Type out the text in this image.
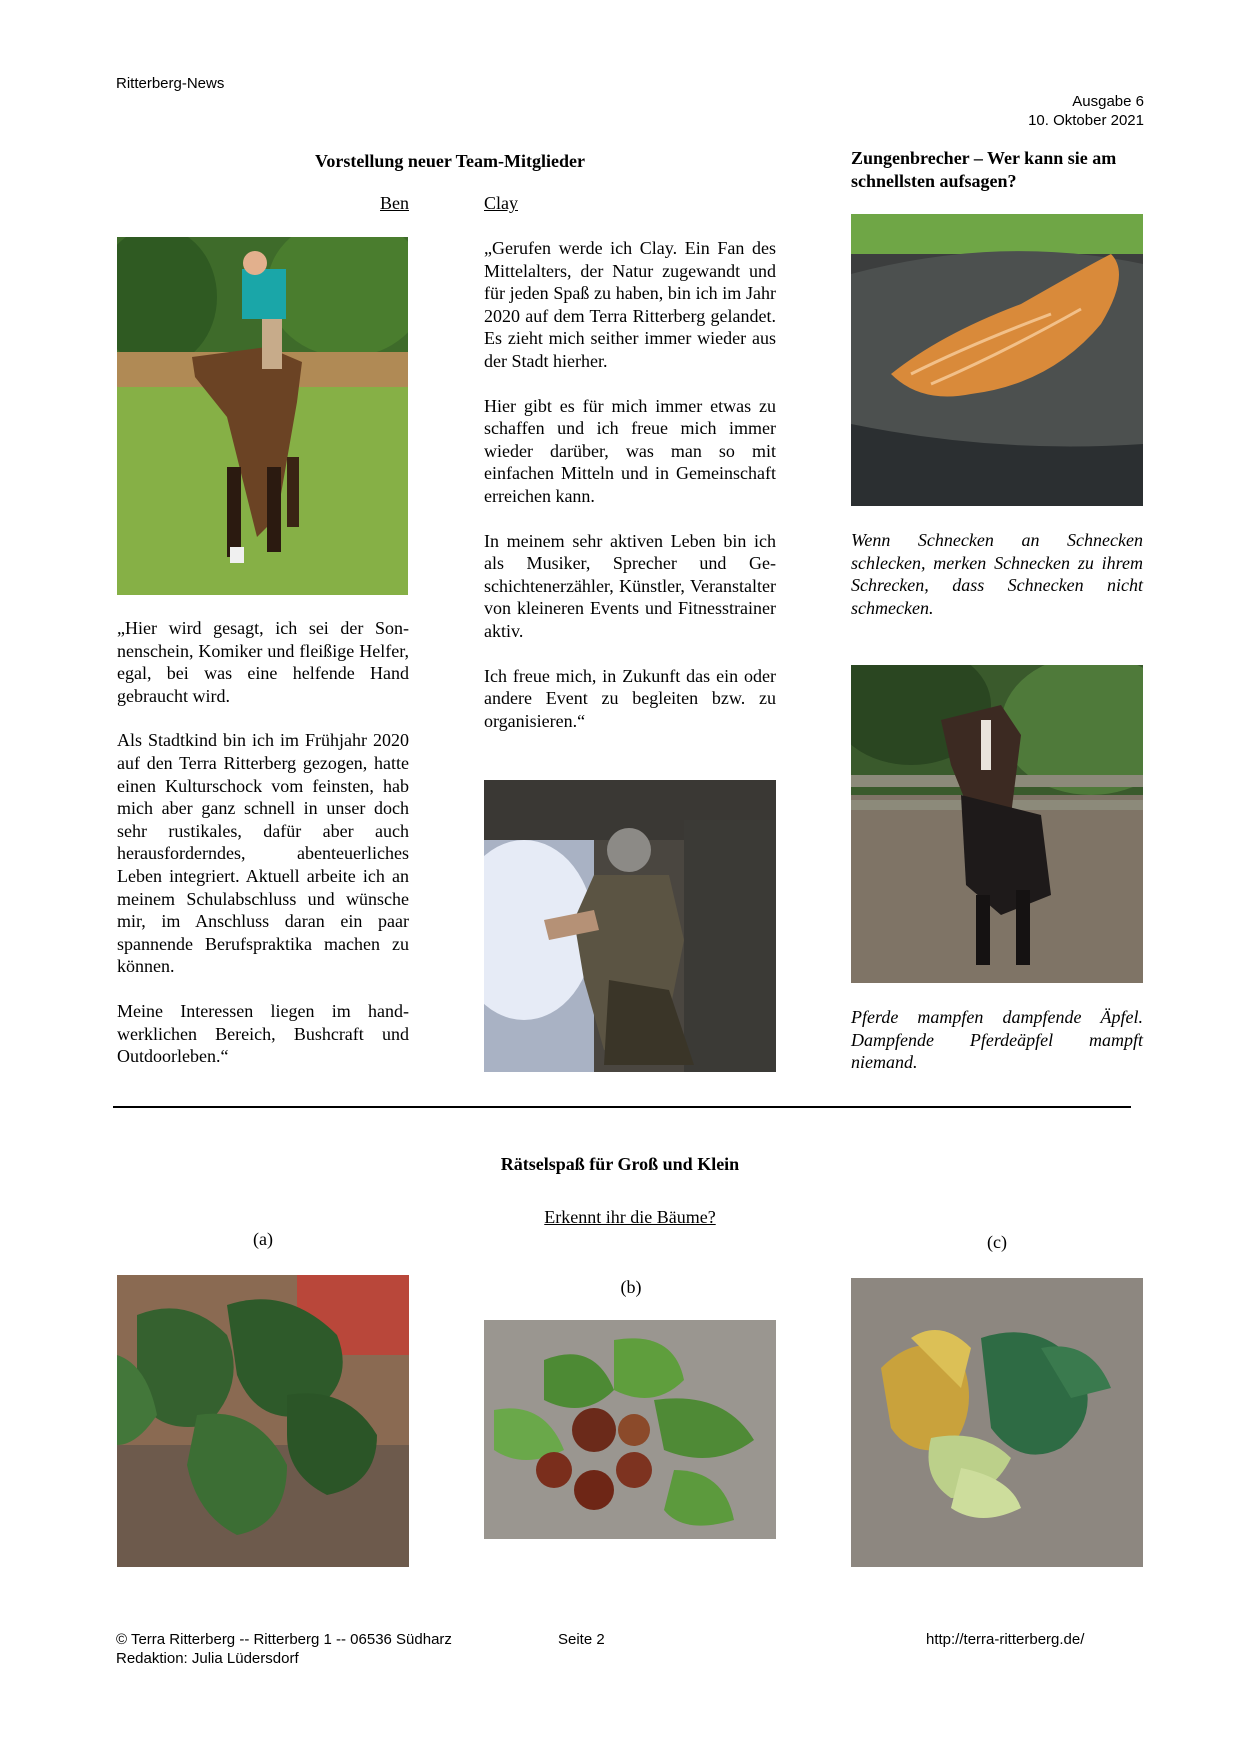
Ritterberg-News
Ausgabe 6
10. Oktober 2021
Vorstellung neuer Team-Mitglieder
Ben	Clay

„Hier wird gesagt, ich sei der Sonnenschein, Komiker und fleißige Helfer, egal, bei was eine helfende Hand gebraucht wird.

Als Stadtkind bin ich im Frühjahr 2020 auf den Terra Ritterberg gezogen, hatte einen Kulturschock vom feinsten, hab mich aber ganz schnell in unser doch sehr rustikales, dafür aber auch herausforderndes, abenteuerliches Leben integriert. Aktuell arbeite ich an meinem Schulabschluss und wünsche mir, im Anschluss daran ein paar spannende Berufspraktika machen zu können.

Meine Interessen liegen im handwerklichen Bereich, Bushcraft und Outdoorleben.“

„Gerufen werde ich Clay. Ein Fan des Mittelalters, der Natur zugewandt und für jeden Spaß zu haben, bin ich im Jahr 2020 auf dem Terra Ritterberg gelandet. Es zieht mich seither immer wieder aus der Stadt hierher.

Hier gibt es für mich immer etwas zu schaffen und ich freue mich immer wieder darüber, was man so mit einfachen Mitteln und in Gemeinschaft erreichen kann.

In meinem sehr aktiven Leben bin ich als Musiker, Sprecher und Geschichtenerzähler, Künstler, Veranstalter von kleineren Events und Fitnesstrainer aktiv.

Ich freue mich, in Zukunft das ein oder andere Event zu begleiten bzw. zu organisieren.“

Zungenbrecher – Wer kann sie am schnellsten aufsagen?
Wenn Schnecken an Schnecken schlecken, merken Schnecken zu ihrem Schrecken, dass Schnecken nicht schmecken.
Pferde mampfen dampfende Äpfel. Dampfende Pferdeäpfel mampft niemand.
Rätselspaß für Groß und Klein
Erkennt ihr die Bäume?
(a)
(b)
(c)
© Terra Ritterberg -- Ritterberg 1 -- 06536 Südharz
Redaktion: Julia Lüdersdorf
Seite 2	http://terra-ritterberg.de/
